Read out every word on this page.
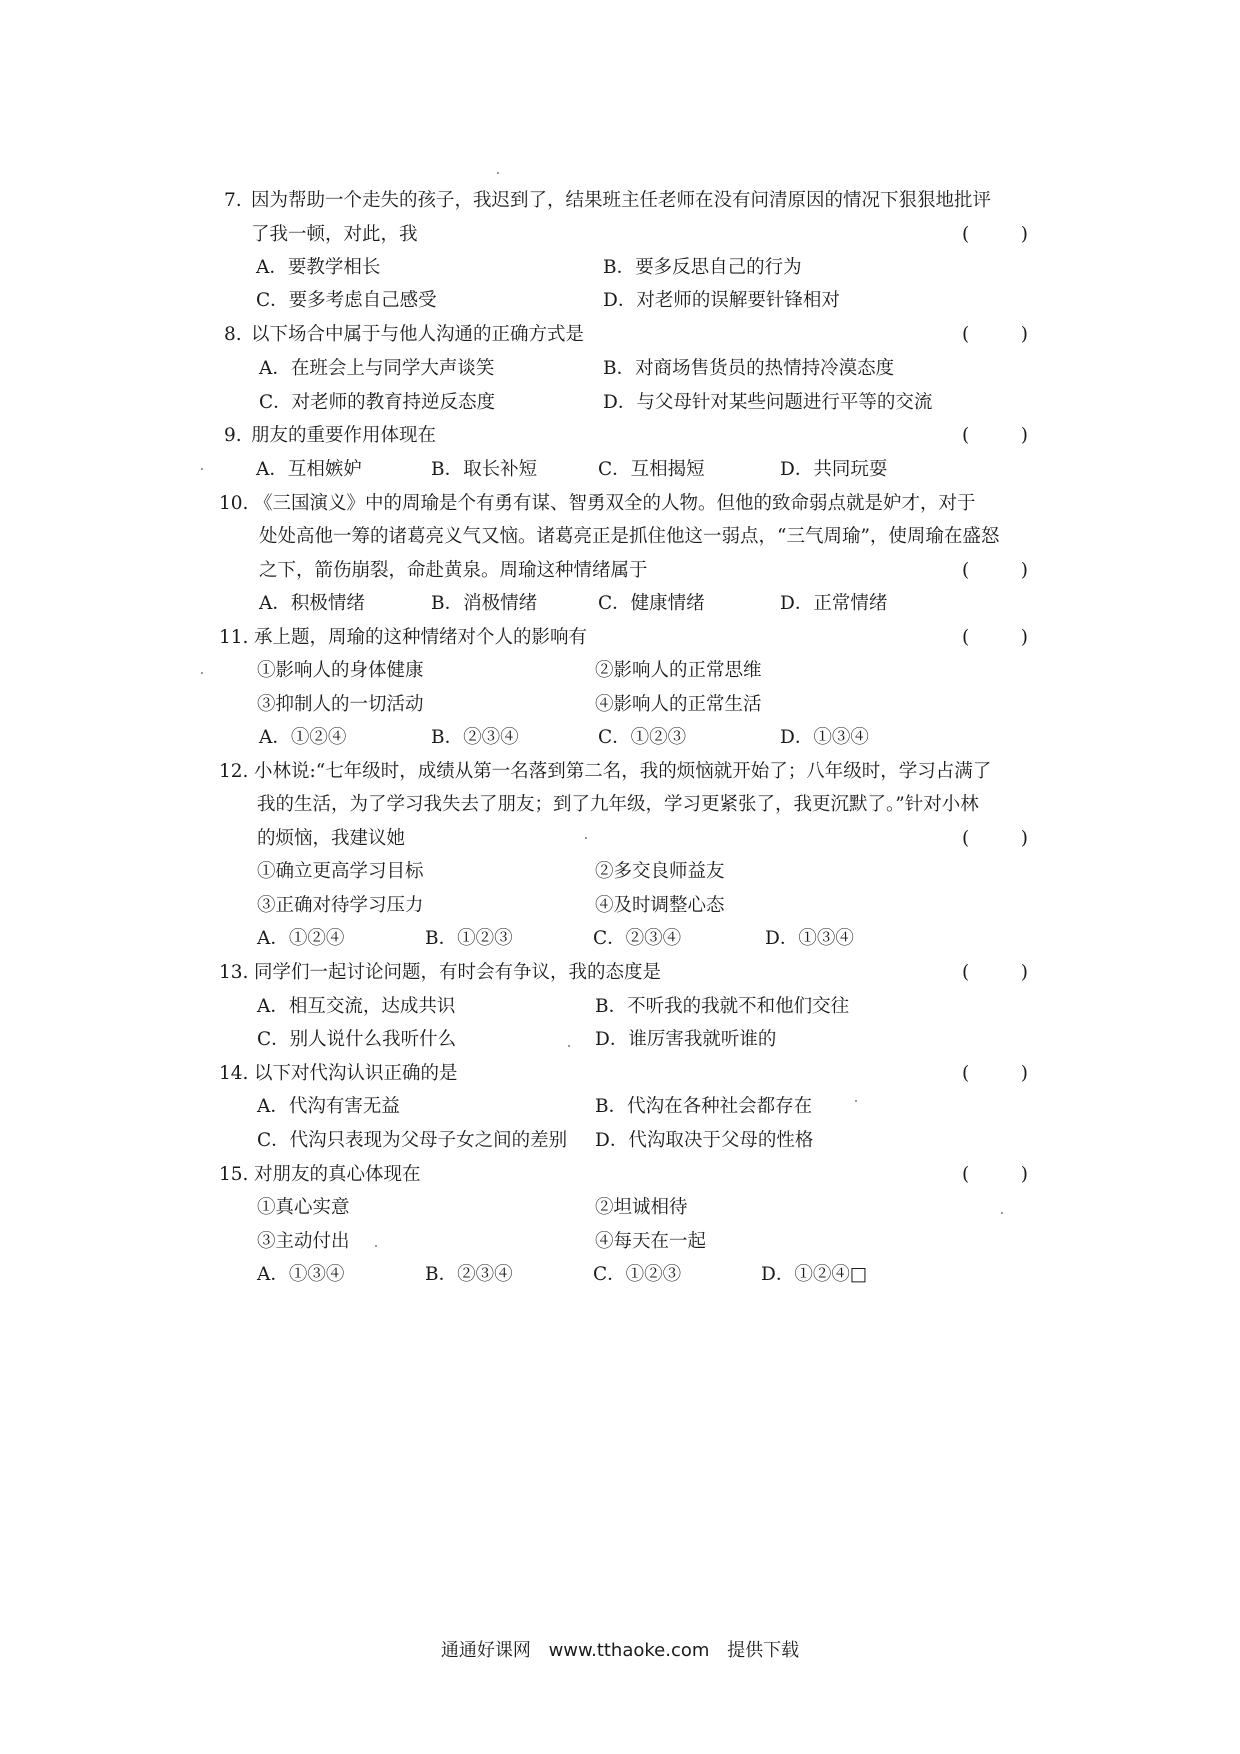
7. 因为帮助一个走失的孩子，我迟到了，结果班主任老师在没有问清原因的情况下狠狠地批评
了我一顿，对此，我	(	)
A．要教学相长	B．要多反思自己的行为
C．要多考虑自己感受	D．对老师的误解要针锋相对
8. 以下场合中属于与他人沟通的正确方式是	(	)
A．在班会上与同学大声谈笑	B．对商场售货员的热情持冷漠态度
C．对老师的教育持逆反态度	D．与父母针对某些问题进行平等的交流
9. 朋友的重要作用体现在	(	)
A．互相嫉妒	B．取长补短	C．互相揭短	D．共同玩耍
10. 《三国演义》中的周瑜是个有勇有谋、智勇双全的人物。但他的致命弱点就是妒才，对于
处处高他一筹的诸葛亮义气又恼。诸葛亮正是抓住他这一弱点，“三气周瑜”，使周瑜在盛怒
之下，箭伤崩裂，命赴黄泉。周瑜这种情绪属于	(	)
A．积极情绪	B．消极情绪	C．健康情绪	D．正常情绪
11. 承上题，周瑜的这种情绪对个人的影响有	(	)
①影响人的身体健康	②影响人的正常思维
③抑制人的一切活动	④影响人的正常生活
A．①②④	B．②③④	C．①②③	D．①③④
12. 小林说:“七年级时，成绩从第一名落到第二名，我的烦恼就开始了；八年级时，学习占满了
我的生活，为了学习我失去了朋友；到了九年级，学习更紧张了，我更沉默了。”针对小林
的烦恼，我建议她	(	)
①确立更高学习目标	②多交良师益友
③正确对待学习压力	④及时调整心态
A．①②④	B．①②③	C．②③④	D．①③④
13. 同学们一起讨论问题，有时会有争议，我的态度是	(	)
A．相互交流，达成共识	B．不听我的我就不和他们交往
C．别人说什么我听什么	D．谁厉害我就听谁的
14. 以下对代沟认识正确的是	(	)
A．代沟有害无益	B．代沟在各种社会都存在
C．代沟只表现为父母子女之间的差别 D．代沟取决于父母的性格
15. 对朋友的真心体现在	(	)
①真心实意	②坦诚相待
③主动付出	④每天在一起
A．①③④	B．②③④	C．①②③	D．①②④□
通通好课网 www.tthaoke.com 提供下载
